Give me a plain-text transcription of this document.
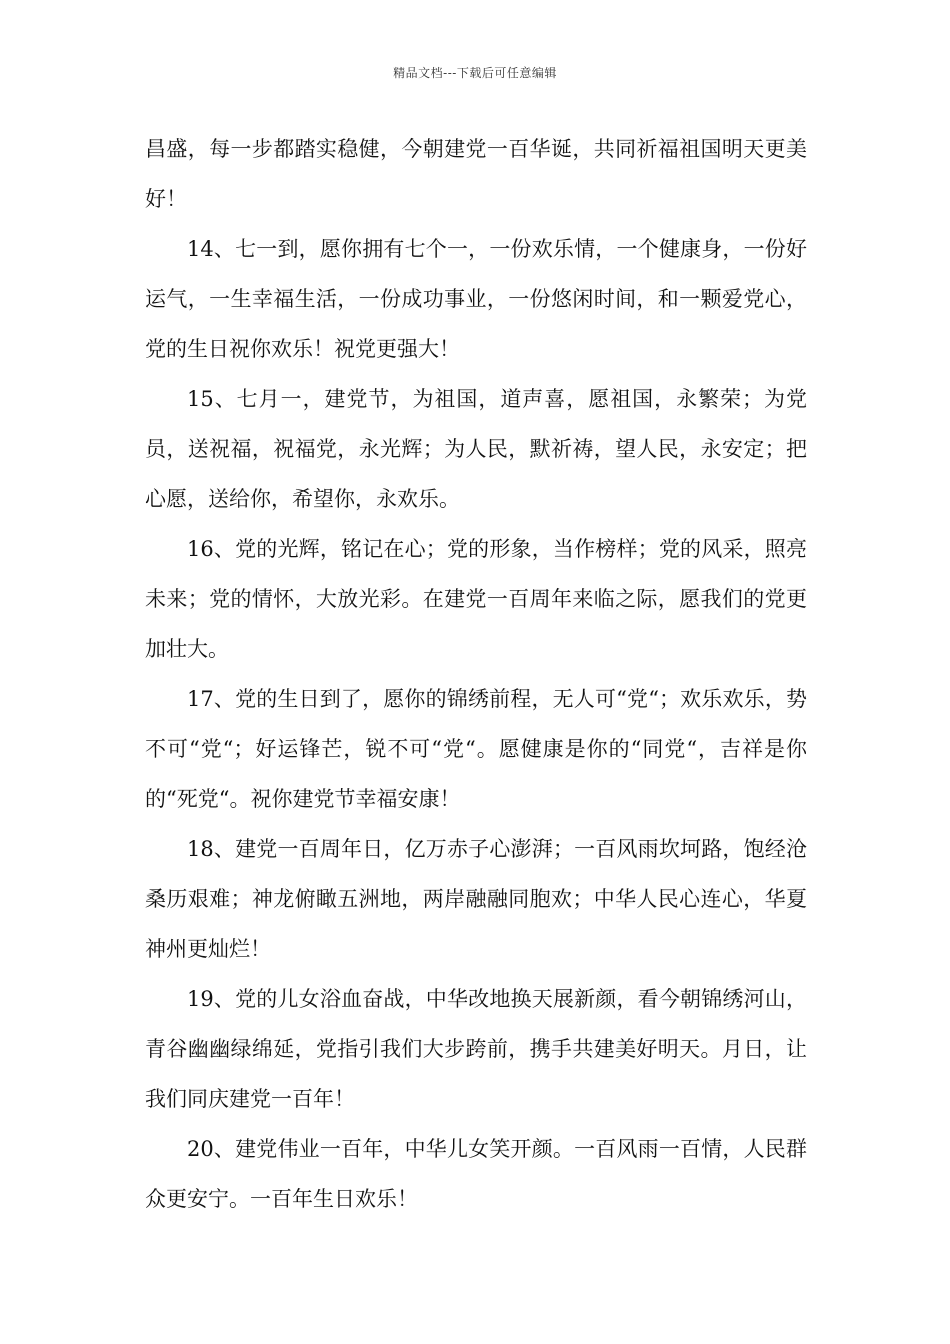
精品文档---下载后可任意编辑

昌盛，每一步都踏实稳健，今朝建党一百华诞，共同祈福祖国明天更美好！

14、七一到，愿你拥有七个一，一份欢乐情，一个健康身，一份好运气，一生幸福生活，一份成功事业，一份悠闲时间，和一颗爱党心，党的生日祝你欢乐！祝党更强大！

15、七月一，建党节，为祖国，道声喜，愿祖国，永繁荣；为党员，送祝福，祝福党，永光辉；为人民，默祈祷，望人民，永安定；把心愿，送给你，希望你，永欢乐。

16、党的光辉，铭记在心；党的形象，当作榜样；党的风采，照亮未来；党的情怀，大放光彩。在建党一百周年来临之际，愿我们的党更加壮大。

17、党的生日到了，愿你的锦绣前程，无人可“党“；欢乐欢乐，势不可“党“；好运锋芒，锐不可“党“。愿健康是你的“同党“，吉祥是你的“死党“。祝你建党节幸福安康！

18、建党一百周年日，亿万赤子心澎湃；一百风雨坎坷路，饱经沧桑历艰难；神龙俯瞰五洲地，两岸融融同胞欢；中华人民心连心，华夏神州更灿烂！

19、党的儿女浴血奋战，中华改地换天展新颜，看今朝锦绣河山，青谷幽幽绿绵延，党指引我们大步跨前，携手共建美好明天。月日，让我们同庆建党一百年！

20、建党伟业一百年，中华儿女笑开颜。一百风雨一百情，人民群众更安宁。一百年生日欢乐！
